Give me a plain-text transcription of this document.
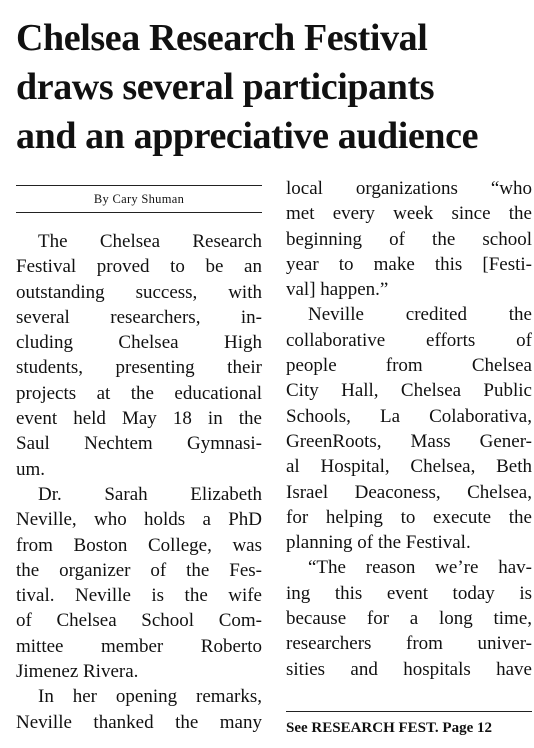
Chelsea Research Festival
draws several participants
and an appreciative audience
By Cary Shuman
The Chelsea Research
Festival proved to be an
outstanding success, with
several researchers, in-
cluding Chelsea High
students, presenting their
projects at the educational
event held May 18 in the
Saul Nechtem Gymnasi-
um.
Dr. Sarah Elizabeth
Neville, who holds a PhD
from Boston College, was
the organizer of the Fes-
tival. Neville is the wife
of Chelsea School Com-
mittee member Roberto
Jimenez Rivera.
In her opening remarks,
Neville thanked the many
local organizations “who
met every week since the
beginning of the school
year to make this [Festi-
val] happen.”
Neville credited the
collaborative efforts of
people from Chelsea
City Hall, Chelsea Public
Schools, La Colaborativa,
GreenRoots, Mass Gener-
al Hospital, Chelsea, Beth
Israel Deaconess, Chelsea,
for helping to execute the
planning of the Festival.
“The reason we’re hav-
ing this event today is
because for a long time,
researchers from univer-
sities and hospitals have
See RESEARCH FEST. Page 12
